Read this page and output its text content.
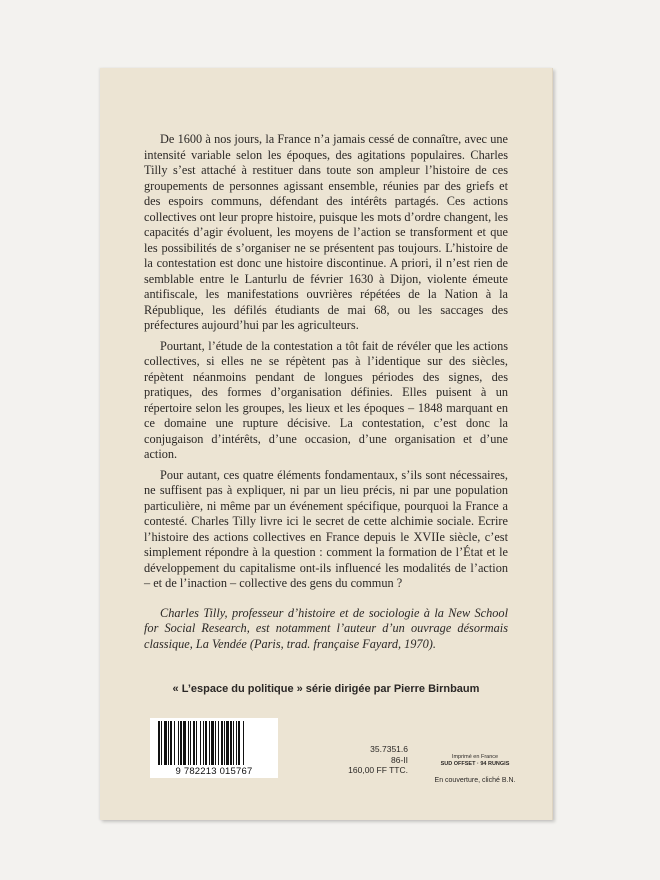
De 1600 à nos jours, la France n’a jamais cessé de connaître, avec une intensité variable selon les époques, des agitations populaires. Charles Tilly s’est attaché à restituer dans toute son ampleur l’histoire de ces groupements de personnes agissant ensemble, réunies par des griefs et des espoirs communs, défendant des intérêts partagés. Ces actions collectives ont leur propre histoire, puisque les mots d’ordre changent, les capacités d’agir évoluent, les moyens de l’action se transforment et que les possibilités de s’organiser ne se présentent pas toujours. L’histoire de la contestation est donc une histoire discontinue. A priori, il n’est rien de semblable entre le Lanturlu de février 1630 à Dijon, violente émeute antifiscale, les manifestations ouvrières répétées de la Nation à la République, les défilés étudiants de mai 68, ou les saccages des préfectures aujourd’hui par les agriculteurs.

Pourtant, l’étude de la contestation a tôt fait de révéler que les actions collectives, si elles ne se répètent pas à l’identique sur des siècles, répètent néanmoins pendant de longues périodes des signes, des pratiques, des formes d’organisation définies. Elles puisent à un répertoire selon les groupes, les lieux et les époques – 1848 marquant en ce domaine une rupture décisive. La contestation, c’est donc la conjugaison d’intérêts, d’une occasion, d’une organisation et d’une action.

Pour autant, ces quatre éléments fondamentaux, s’ils sont nécessaires, ne suffisent pas à expliquer, ni par un lieu précis, ni par une population particulière, ni même par un événement spécifique, pourquoi la France a contesté. Charles Tilly livre ici le secret de cette alchimie sociale. Ecrire l’histoire des actions collectives en France depuis le XVIIe siècle, c’est simplement répondre à la question : comment la formation de l’État et le développement du capitalisme ont-ils influencé les modalités de l’action – et de l’inaction – collective des gens du commun ?

Charles Tilly, professeur d’histoire et de sociologie à la New School for Social Research, est notamment l’auteur d’un ouvrage désormais classique, La Vendée (Paris, trad. française Fayard, 1970).

« L’espace du politique » série dirigée par Pierre Birnbaum
9 782213 015767
35.7351.6
86-II
160,00 FF TTC.
Imprimé en France
SUD OFFSET · 94 RUNGIS
En couverture, cliché B.N.
